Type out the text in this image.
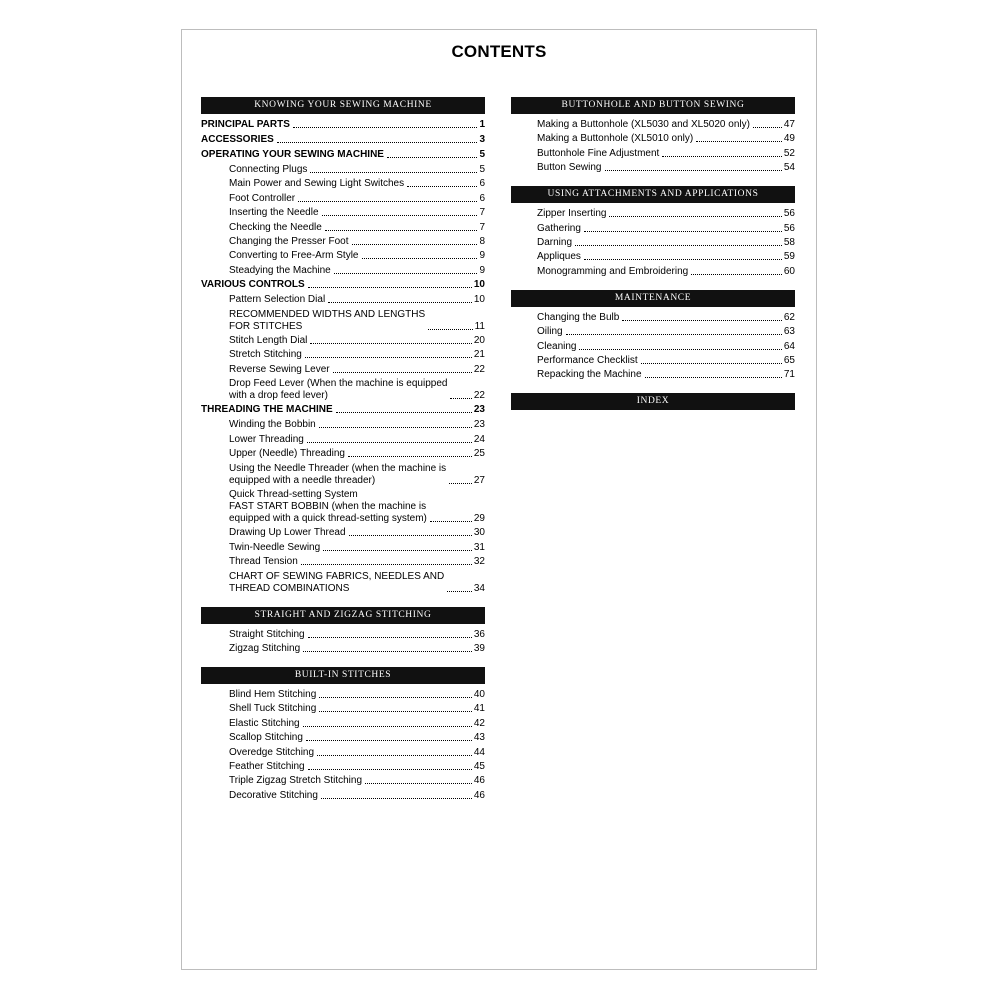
CONTENTS
KNOWING YOUR SEWING MACHINE
PRINCIPAL PARTS	1
ACCESSORIES	3
OPERATING YOUR SEWING MACHINE	5
Connecting Plugs	5
Main Power and Sewing Light Switches	6
Foot Controller	6
Inserting the Needle	7
Checking the Needle	7
Changing the Presser Foot	8
Converting to Free-Arm Style	9
Steadying the Machine	9
VARIOUS CONTROLS	10
Pattern Selection Dial	10
RECOMMENDED WIDTHS AND LENGTHS
FOR STITCHES	11
Stitch Length Dial	20
Stretch Stitching	21
Reverse Sewing Lever	22
Drop Feed Lever (When the machine is equipped
with a drop feed lever)	22
THREADING THE MACHINE	23
Winding the Bobbin	23
Lower Threading	24
Upper (Needle) Threading	25
Using the Needle Threader (when the machine is
equipped with a needle threader)	27
Quick Thread-setting System
FAST START BOBBIN (when the machine is
equipped with a quick thread-setting system)	29
Drawing Up Lower Thread	30
Twin-Needle Sewing	31
Thread Tension	32
CHART OF SEWING FABRICS, NEEDLES AND
THREAD COMBINATIONS	34
STRAIGHT AND ZIGZAG STITCHING
Straight Stitching	36
Zigzag Stitching	39
BUILT-IN STITCHES
Blind Hem Stitching	40
Shell Tuck Stitching	41
Elastic Stitching	42
Scallop Stitching	43
Overedge Stitching	44
Feather Stitching	45
Triple Zigzag Stretch Stitching	46
Decorative Stitching	46
BUTTONHOLE AND BUTTON SEWING
Making a Buttonhole (XL5030 and XL5020 only)	47
Making a Buttonhole (XL5010 only)	49
Buttonhole Fine Adjustment	52
Button Sewing	54
USING ATTACHMENTS AND APPLICATIONS
Zipper Inserting	56
Gathering	56
Darning	58
Appliques	59
Monogramming and Embroidering	60
MAINTENANCE
Changing the Bulb	62
Oiling	63
Cleaning	64
Performance Checklist	65
Repacking the Machine	71
INDEX
